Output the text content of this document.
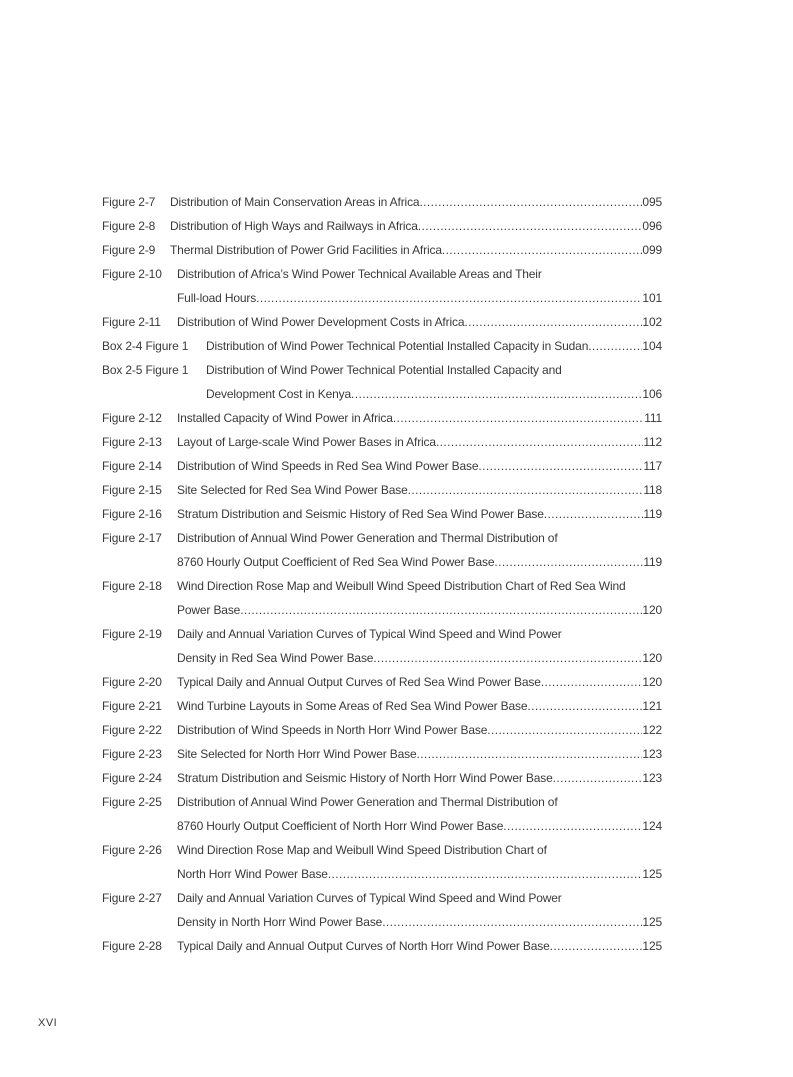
Figure 2-7	Distribution of Main Conservation Areas in Africa .....	095
Figure 2-8	Distribution of High Ways and Railways in Africa .....	096
Figure 2-9	Thermal Distribution of Power Grid Facilities in Africa .....	099
Figure 2-10	Distribution of Africa’s Wind Power Technical Available Areas and Their
Full-load Hours .....	101
Figure 2-11	Distribution of Wind Power Development Costs in Africa .....	102
Box 2-4 Figure 1	Distribution of Wind Power Technical Potential Installed Capacity in Sudan .....	104
Box 2-5 Figure 1	Distribution of Wind Power Technical Potential Installed Capacity and
Development Cost in Kenya .....	106
Figure 2-12	Installed Capacity of Wind Power in Africa .....	111
Figure 2-13	Layout of Large-scale Wind Power Bases in Africa .....	112
Figure 2-14	Distribution of Wind Speeds in Red Sea Wind Power Base .....	117
Figure 2-15	Site Selected for Red Sea Wind Power Base .....	118
Figure 2-16	Stratum Distribution and Seismic History of Red Sea Wind Power Base .....	119
Figure 2-17	Distribution of Annual Wind Power Generation and Thermal Distribution of
8760 Hourly Output Coefficient of Red Sea Wind Power Base .....	119
Figure 2-18	Wind Direction Rose Map and Weibull Wind Speed Distribution Chart of Red Sea Wind
Power Base .....	120
Figure 2-19	Daily and Annual Variation Curves of Typical Wind Speed and Wind Power
Density in Red Sea Wind Power Base .....	120
Figure 2-20	Typical Daily and Annual Output Curves of Red Sea Wind Power Base .....	120
Figure 2-21	Wind Turbine Layouts in Some Areas of Red Sea Wind Power Base .....	121
Figure 2-22	Distribution of Wind Speeds in North Horr Wind Power Base .....	122
Figure 2-23	Site Selected for North Horr Wind Power Base .....	123
Figure 2-24	Stratum Distribution and Seismic History of North Horr Wind Power Base .....	123
Figure 2-25	Distribution of Annual Wind Power Generation and Thermal Distribution of
8760 Hourly Output Coefficient of North Horr Wind Power Base .....	124
Figure 2-26	Wind Direction Rose Map and Weibull Wind Speed Distribution Chart of
North Horr Wind Power Base .....	125
Figure 2-27	Daily and Annual Variation Curves of Typical Wind Speed and Wind Power
Density in North Horr Wind Power Base .....	125
Figure 2-28	Typical Daily and Annual Output Curves of North Horr Wind Power Base .....	125
XVI
